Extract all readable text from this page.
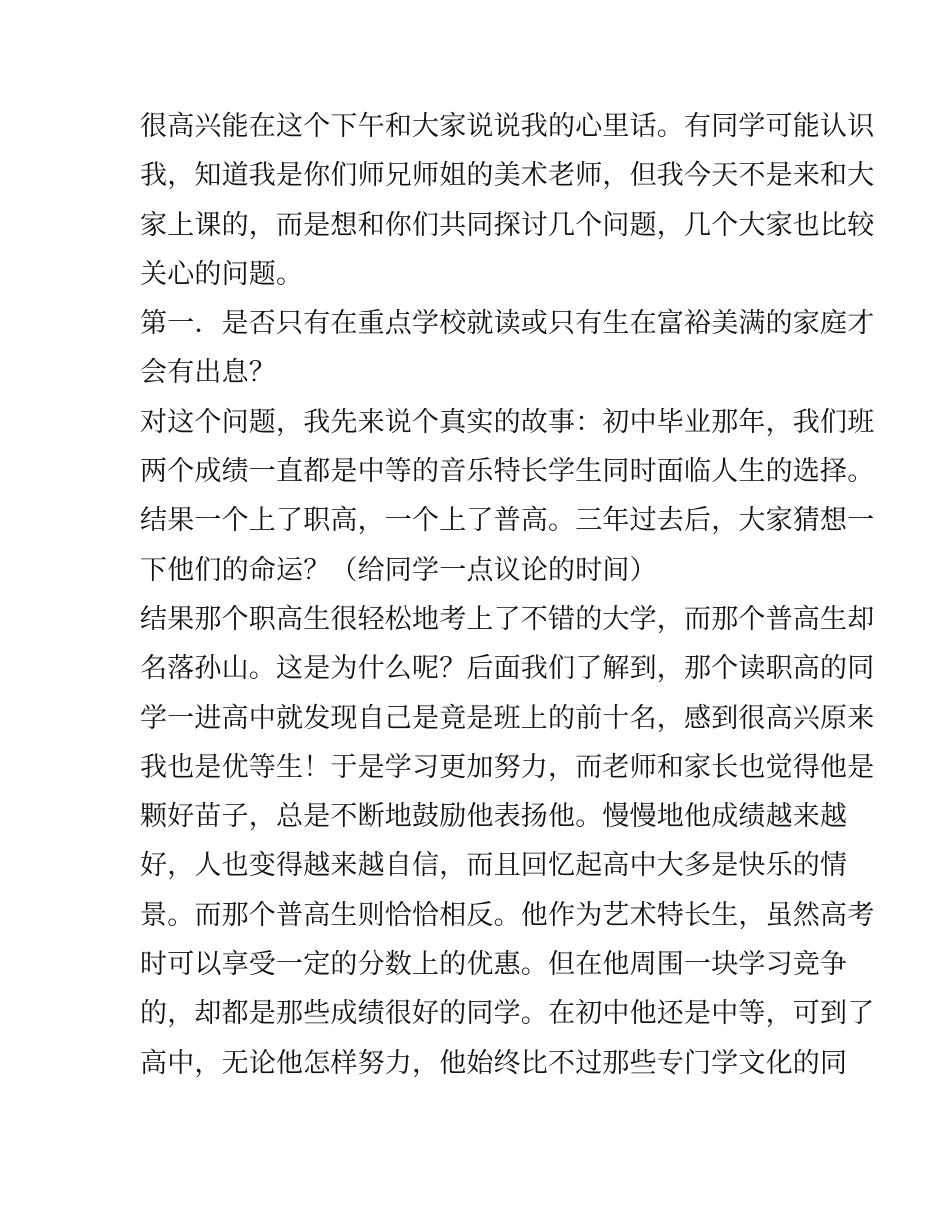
很高兴能在这个下午和大家说说我的心里话。有同学可能认识
我，知道我是你们师兄师姐的美术老师，但我今天不是来和大
家上课的，而是想和你们共同探讨几个问题，几个大家也比较
关心的问题。
第一．是否只有在重点学校就读或只有生在富裕美满的家庭才
会有出息？
对这个问题，我先来说个真实的故事：初中毕业那年，我们班
两个成绩一直都是中等的音乐特长学生同时面临人生的选择。
结果一个上了职高，一个上了普高。三年过去后，大家猜想一
下他们的命运？（给同学一点议论的时间）
结果那个职高生很轻松地考上了不错的大学，而那个普高生却
名落孙山。这是为什么呢？后面我们了解到，那个读职高的同
学一进高中就发现自己是竟是班上的前十名，感到很高兴原来
我也是优等生！于是学习更加努力，而老师和家长也觉得他是
颗好苗子，总是不断地鼓励他表扬他。慢慢地他成绩越来越
好，人也变得越来越自信，而且回忆起高中大多是快乐的情
景。而那个普高生则恰恰相反。他作为艺术特长生，虽然高考
时可以享受一定的分数上的优惠。但在他周围一块学习竞争
的，却都是那些成绩很好的同学。在初中他还是中等，可到了
高中，无论他怎样努力，他始终比不过那些专门学文化的同
